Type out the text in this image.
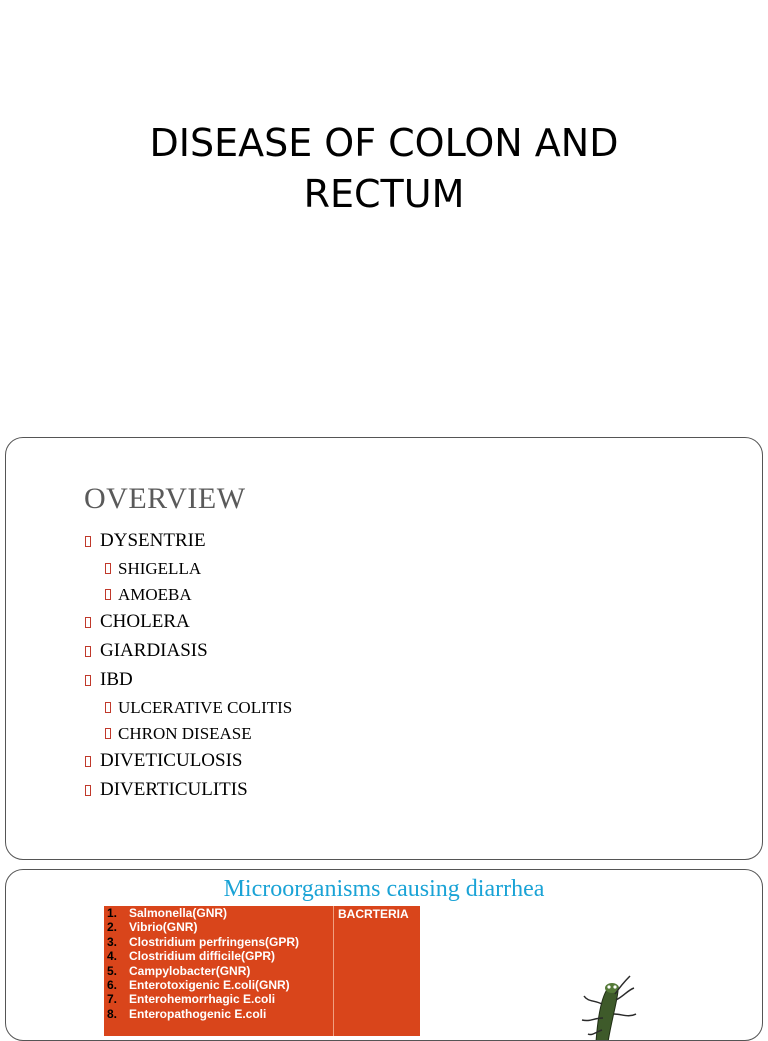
DISEASE OF COLON AND RECTUM
OVERVIEW
DYSENTRIE
SHIGELLA
AMOEBA
CHOLERA
GIARDIASIS
IBD
ULCERATIVE COLITIS
CHRON DISEASE
DIVETICULOSIS
DIVERTICULITIS
Microorganisms causing diarrhea
1. Salmonella(GNR)
2. Vibrio(GNR)
3. Clostridium perfringens(GPR)
4. Clostridium difficile(GPR)
5. Campylobacter(GNR)
6. Enterotoxigenic E.coli(GNR)
7. Enterohemorrhagic E.coli
8. Enteropathogenic E.coli
BACRTERIA
